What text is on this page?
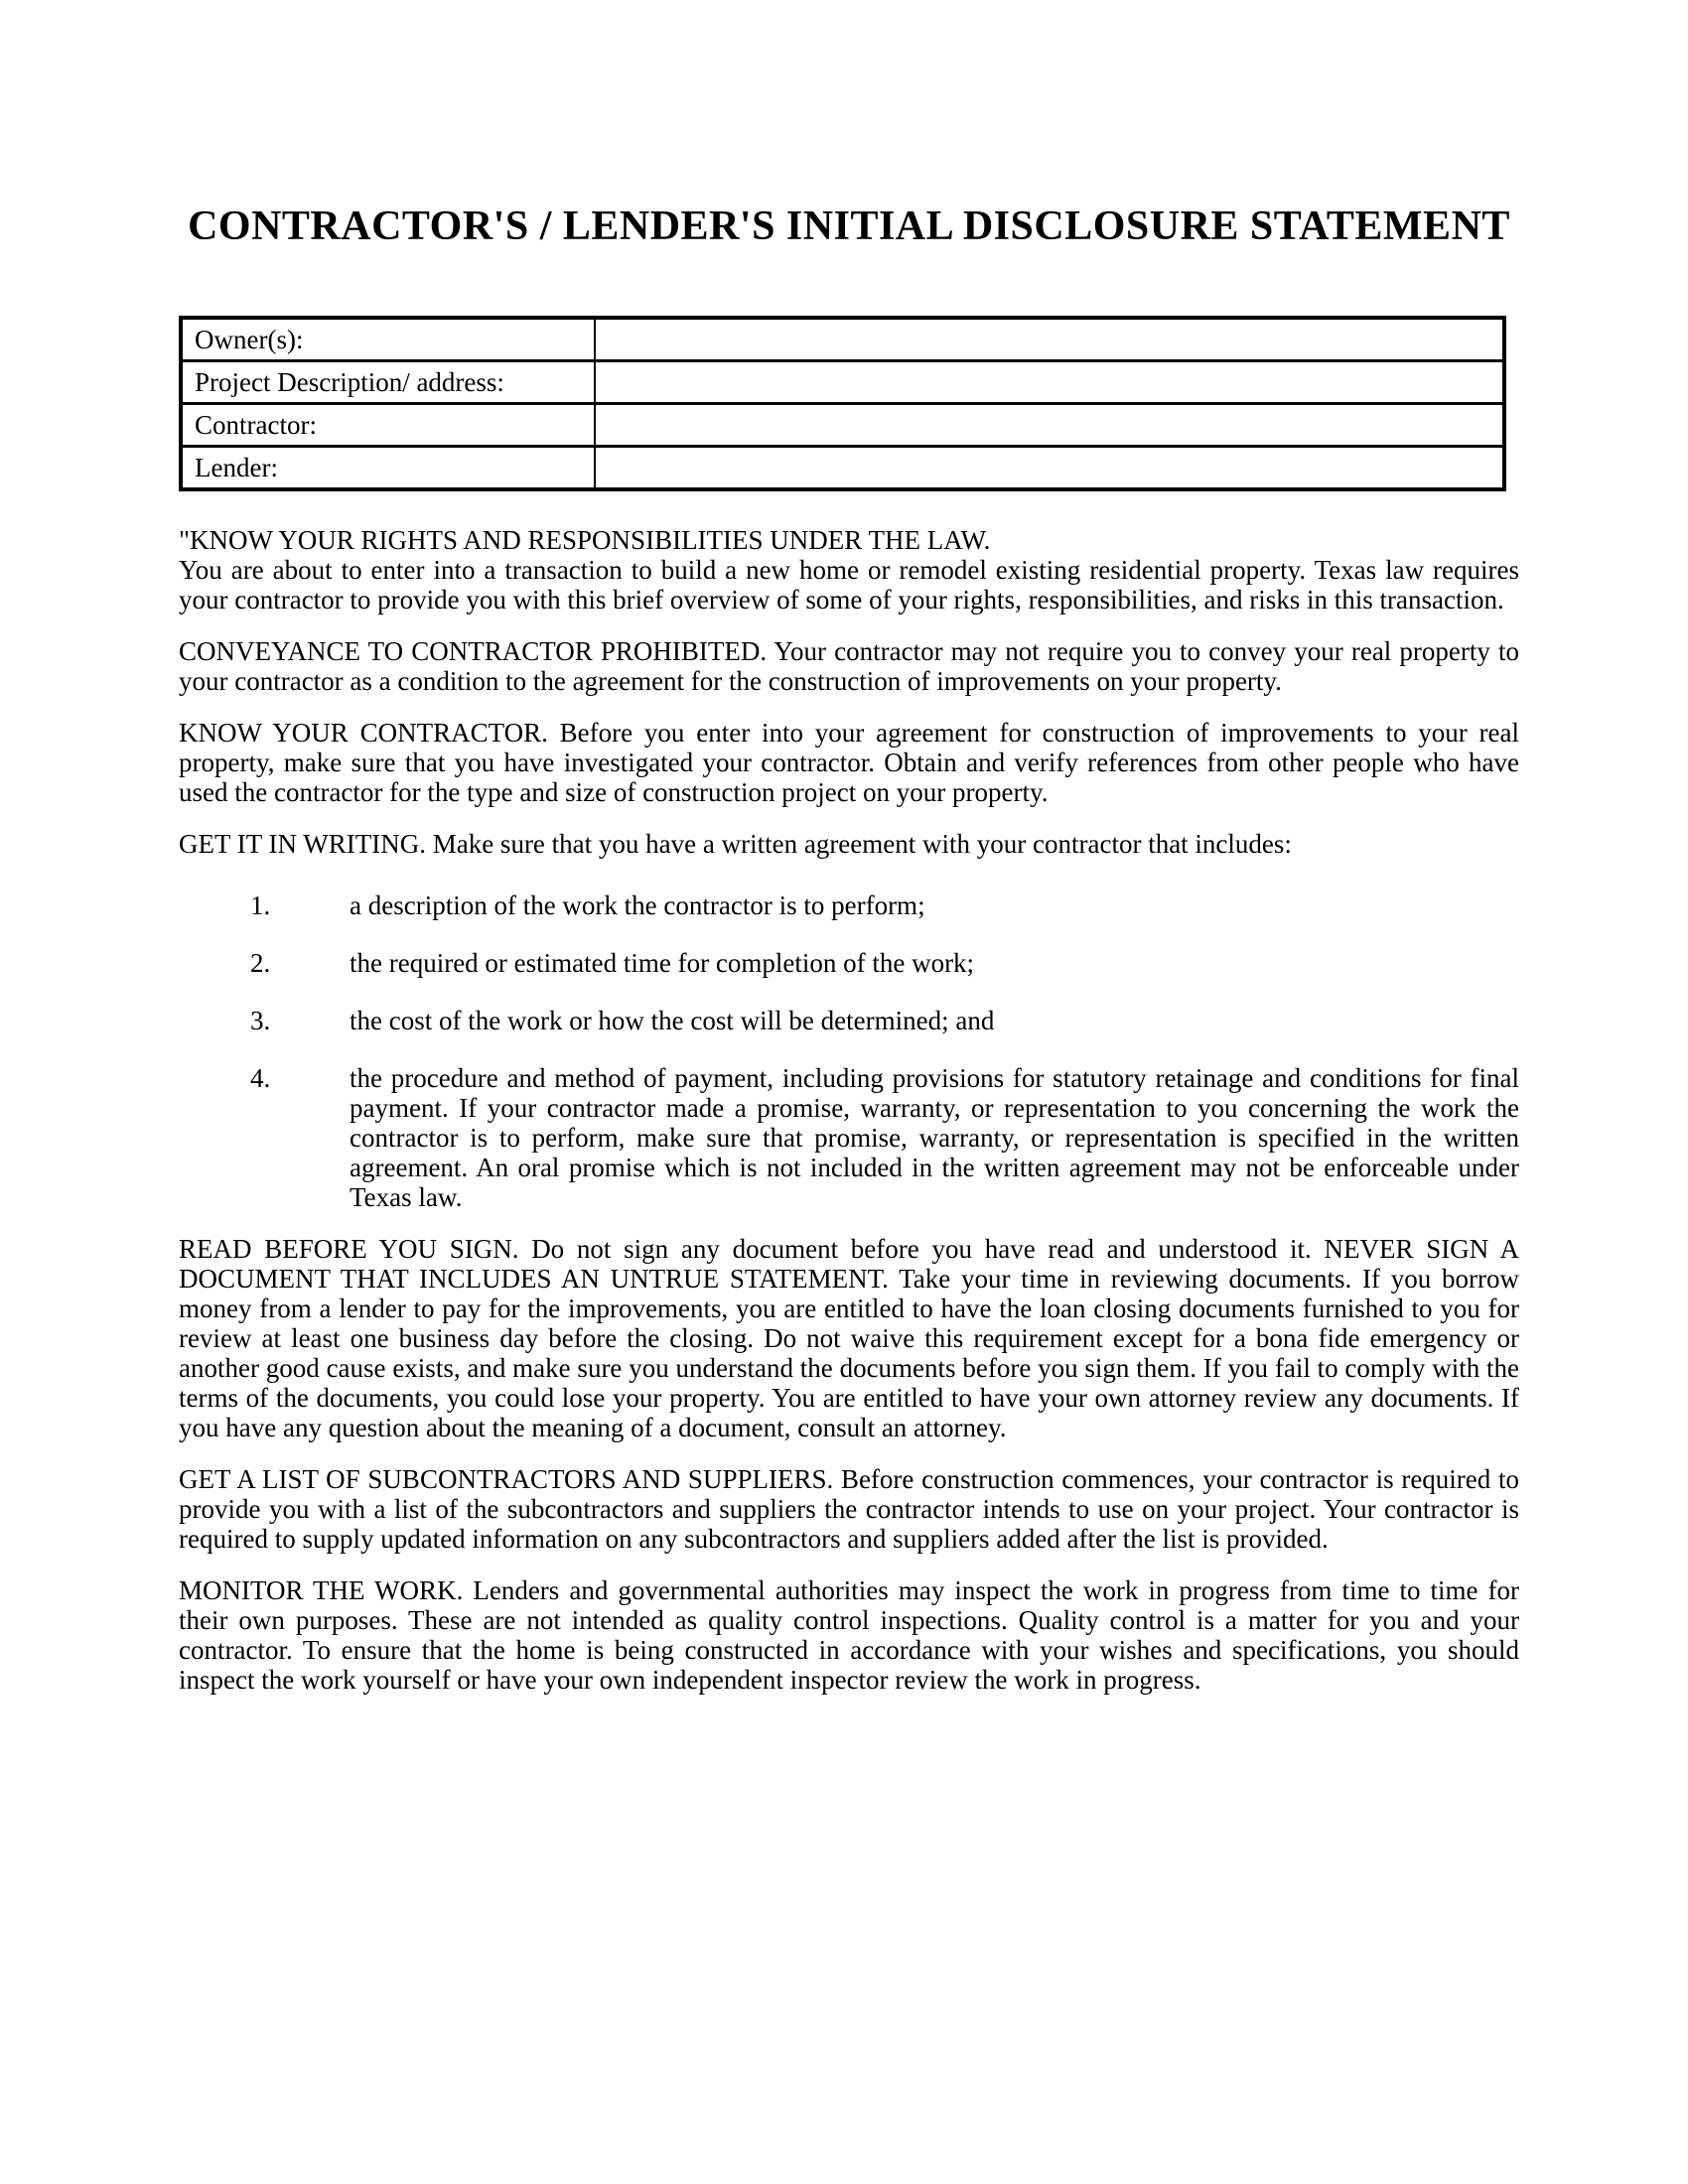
CONTRACTOR'S / LENDER'S INITIAL DISCLOSURE STATEMENT
Owner(s):	
Project Description/ address:	
Contractor:	
Lender:	

"KNOW YOUR RIGHTS AND RESPONSIBILITIES UNDER THE LAW.
You are about to enter into a transaction to build a new home or remodel existing residential property. Texas law requires your contractor to provide you with this brief overview of some of your rights, responsibilities, and risks in this transaction.

CONVEYANCE TO CONTRACTOR PROHIBITED. Your contractor may not require you to convey your real property to your contractor as a condition to the agreement for the construction of improvements on your property.

KNOW YOUR CONTRACTOR. Before you enter into your agreement for construction of improvements to your real property, make sure that you have investigated your contractor. Obtain and verify references from other people who have used the contractor for the type and size of construction project on your property.

GET IT IN WRITING. Make sure that you have a written agreement with your contractor that includes:

1.	a description of the work the contractor is to perform;
2.	the required or estimated time for completion of the work;
3.	the cost of the work or how the cost will be determined; and
4.	the procedure and method of payment, including provisions for statutory retainage and conditions for final payment. If your contractor made a promise, warranty, or representation to you concerning the work the contractor is to perform, make sure that promise, warranty, or representation is specified in the written agreement. An oral promise which is not included in the written agreement may not be enforceable under Texas law.

READ BEFORE YOU SIGN. Do not sign any document before you have read and understood it. NEVER SIGN A DOCUMENT THAT INCLUDES AN UNTRUE STATEMENT. Take your time in reviewing documents. If you borrow money from a lender to pay for the improvements, you are entitled to have the loan closing documents furnished to you for review at least one business day before the closing. Do not waive this requirement except for a bona fide emergency or another good cause exists, and make sure you understand the documents before you sign them. If you fail to comply with the terms of the documents, you could lose your property. You are entitled to have your own attorney review any documents. If you have any question about the meaning of a document, consult an attorney.

GET A LIST OF SUBCONTRACTORS AND SUPPLIERS. Before construction commences, your contractor is required to provide you with a list of the subcontractors and suppliers the contractor intends to use on your project. Your contractor is required to supply updated information on any subcontractors and suppliers added after the list is provided.

MONITOR THE WORK. Lenders and governmental authorities may inspect the work in progress from time to time for their own purposes. These are not intended as quality control inspections. Quality control is a matter for you and your contractor. To ensure that the home is being constructed in accordance with your wishes and specifications, you should inspect the work yourself or have your own independent inspector review the work in progress.
